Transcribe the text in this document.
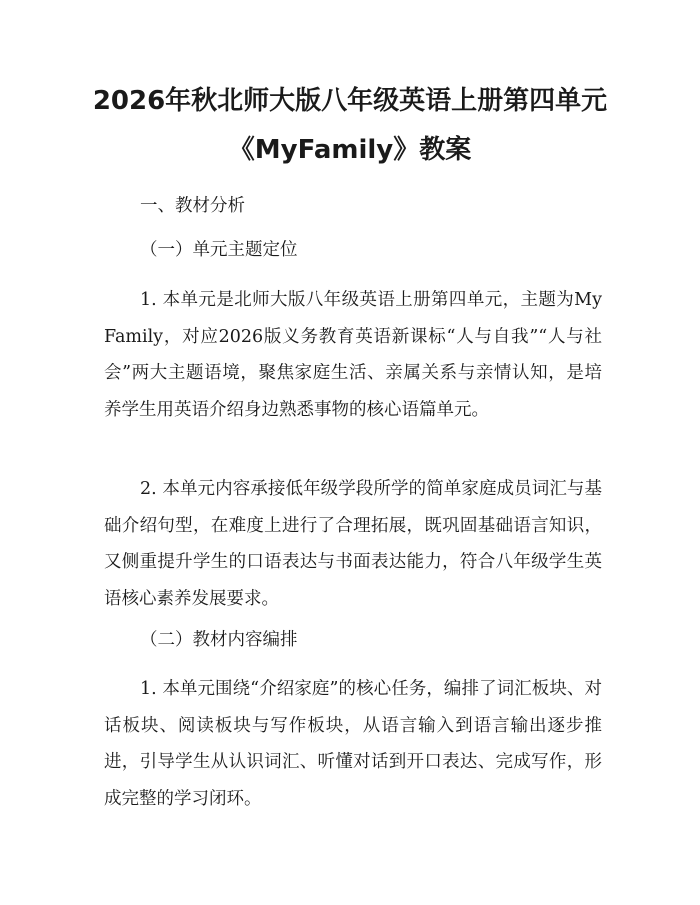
2026年秋北师大版八年级英语上册第四单元
《MyFamily》教案
一、教材分析
（一）单元主题定位

1. 本单元是北师大版八年级英语上册第四单元，主题为My Family，对应2026版义务教育英语新课标“人与自我”“人与社会”两大主题语境，聚焦家庭生活、亲属关系与亲情认知，是培养学生用英语介绍身边熟悉事物的核心语篇单元。

2. 本单元内容承接低年级学段所学的简单家庭成员词汇与基础介绍句型，在难度上进行了合理拓展，既巩固基础语言知识，又侧重提升学生的口语表达与书面表达能力，符合八年级学生英语核心素养发展要求。

（二）教材内容编排

1. 本单元围绕“介绍家庭”的核心任务，编排了词汇板块、对话板块、阅读板块与写作板块，从语言输入到语言输出逐步推进，引导学生从认识词汇、听懂对话到开口表达、完成写作，形成完整的学习闭环。
